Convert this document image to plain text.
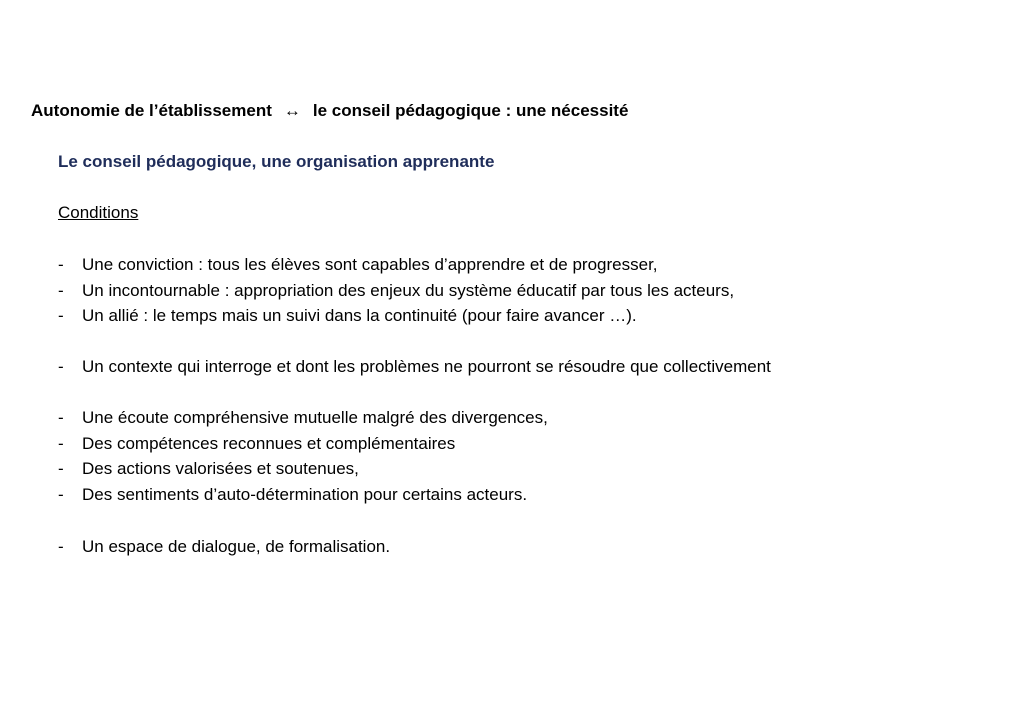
Autonomie de l’établissement ↔ le conseil pédagogique : une nécessité
Le conseil pédagogique, une organisation apprenante
Conditions
- Une conviction : tous les élèves sont capables d’apprendre et de progresser,
- Un incontournable : appropriation des enjeux du système éducatif par tous les acteurs,
- Un allié : le temps mais un suivi dans la continuité (pour faire avancer …).
- Un contexte qui interroge et dont les problèmes ne pourront se résoudre que collectivement
- Une écoute compréhensive mutuelle malgré des divergences,
- Des compétences reconnues et complémentaires
- Des actions valorisées et soutenues,
- Des sentiments d’auto-détermination pour certains acteurs.
- Un espace de dialogue, de formalisation.
